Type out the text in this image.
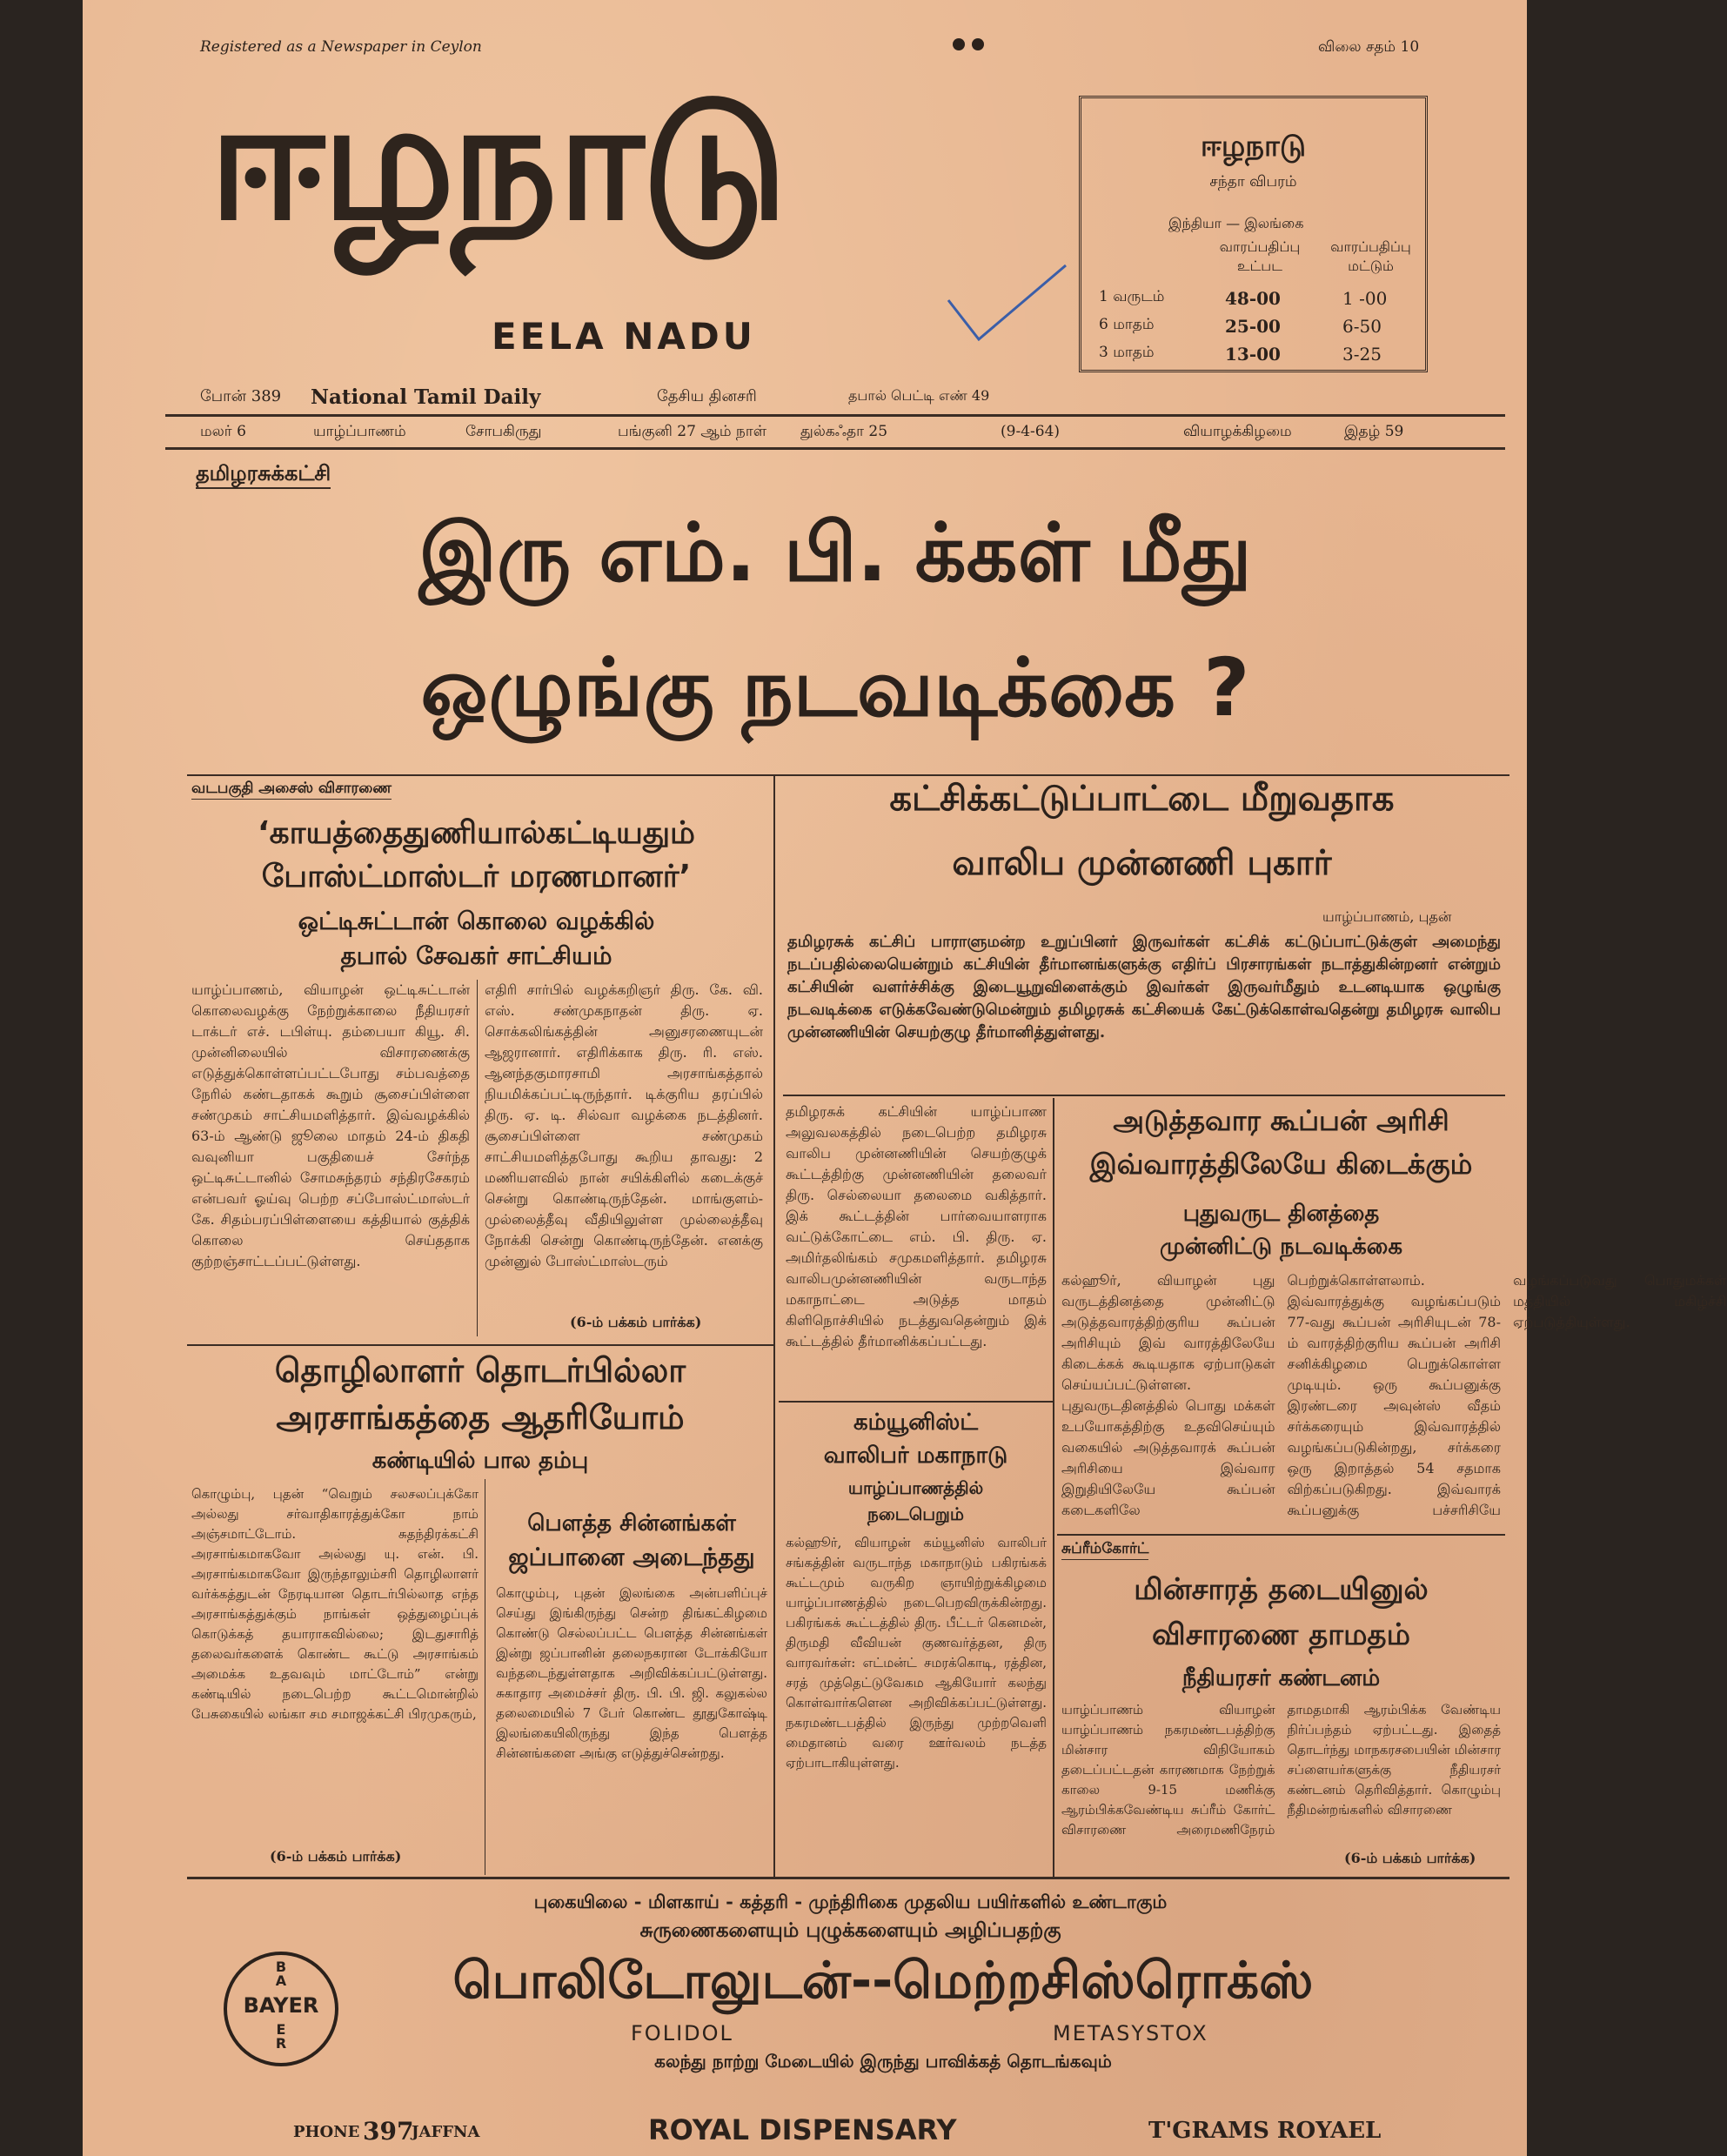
Registered as a Newspaper in Ceylon	விலை சதம் 10
ஈழநாடு
EELA NADU
ஈழநாடு
சந்தா விபரம்
இந்தியா — இலங்கை
வாரப்பதிப்பு உட்பட
வாரப்பதிப்பு மட்டும்
1 வருடம்	48-00	1 -00
6 மாதம்	25-00	6-50
3 மாதம்	13-00	3-25
போன் 389 National Tamil Daily	தேசிய தினசரி	தபால் பெட்டி எண் 49
மலர் 6	யாழ்ப்பாணம்	சோபகிருது	பங்குனி 27 ஆம் நாள் துல்கஃதா 25	(9-4-64)	வியாழக்கிழமை	இதழ் 59
தமிழரசுக்கட்சி
இரு எம். பி. க்கள் மீது
ஒழுங்கு நடவடிக்கை ?
வடபகுதி அசைஸ் விசாரணை
‘காயத்தைதுணியால்கட்டியதும்
போஸ்ட்மாஸ்டர் மரணமானர்’
ஒட்டிசுட்டான் கொலை வழக்கில்
தபால் சேவகர் சாட்சியம்
யாழ்ப்பாணம், வியாழன் ஒட்டிசுட்டான் கொலைவழக்கு நேற்றுக்காலை நீதியரசர் டாக்டர் எச். டபிள்யு. தம்பையா கியூ. சி. முன்னிலையில் விசாரணைக்கு எடுத்துக்கொள்ளப்பட்டபோது சம்பவத்தை நேரில் கண்டதாகக் கூறும் சூசைப்பிள்ளை சண்முகம் சாட்சியமளித்தார். இவ்வழக்கில் 63-ம் ஆண்டு ஜூலை மாதம் 24-ம் திகதி வவுனியா பகுதியைச் சேர்ந்த ஒட்டிசுட்டானில் சோமசுந்தரம் சந்திரசேகரம் என்பவர் ஓய்வு பெற்ற சப்போஸ்ட்மாஸ்டர் கே. சிதம்பரப்பிள்ளையை கத்தியால் குத்திக் கொலை செய்ததாக குற்றஞ்சாட்டப்பட்டுள்ளது.
எதிரி சார்பில் வழக்கறிஞர் திரு. கே. வி. எஸ். சண்முகநாதன் திரு. ஏ. சொக்கலிங்கத்தின் அனுசரணையுடன் ஆஜரானார். எதிரிக்காக திரு. ரி. எஸ். ஆனந்தகுமாரசாமி அரசாங்கத்தால் நியமிக்கப்பட்டிருந்தார். டிக்குரிய தரப்பில் திரு. ஏ. டி. சில்வா வழக்கை நடத்தினர். சூசைப்பிள்ளை சண்முகம் சாட்சியமளித்தபோது கூறிய தாவது: 2 மணியளவில் நான் சயிக்கிளில் கடைக்குச் சென்று கொண்டிருந்தேன். மாங்குளம்-முல்லைத்தீவு வீதியிலுள்ள முல்லைத்தீவு நோக்கி சென்று கொண்டிருந்தேன். எனக்கு முன்னுல் போஸ்ட்மாஸ்டரும்
(6-ம் பக்கம் பார்க்க)
கட்சிக்கட்டுப்பாட்டை மீறுவதாக
வாலிப முன்னணி புகார்
யாழ்ப்பாணம், புதன்
தமிழரசுக் கட்சிப் பாராளுமன்ற உறுப்பினர் இருவர்கள் கட்சிக் கட்டுப்பாட்டுக்குள் அமைந்து நடப்பதில்லையென்றும் கட்சியின் தீர்மானங்களுக்கு எதிர்ப் பிரசாரங்கள் நடாத்துகின்றனர் என்றும் கட்சியின் வளர்ச்சிக்கு இடையூறுவிளைக்கும் இவர்கள் இருவர்மீதும் உடனடியாக ஒழுங்கு நடவடிக்கை எடுக்கவேண்டுமென்றும் தமிழரசுக் கட்சியைக் கேட்டுக்கொள்வதென்று தமிழரசு வாலிப முன்னணியின் செயற்குழு தீர்மானித்துள்ளது.
தமிழரசுக் கட்சியின் யாழ்ப்பாண அலுவலகத்தில் நடைபெற்ற தமிழரசு வாலிப முன்னணியின் செயற்குழுக் கூட்டத்திற்கு முன்னணியின் தலைவர் திரு. செல்லையா தலைமை வகித்தார். இக் கூட்டத்தின் பார்வையாளராக வட்டுக்கோட்டை எம். பி. திரு. ஏ. அமிர்தலிங்கம் சமுகமளித்தார். தமிழரசு வாலிபமுன்னணியின் வருடாந்த மகாநாட்டை அடுத்த மாதம் கிளிநொச்சியில் நடத்துவதென்றும் இக் கூட்டத்தில் தீர்மானிக்கப்பட்டது.
கம்யூனிஸ்ட்
வாலிபர் மகாநாடு
யாழ்ப்பாணத்தில்
நடைபெறும்
கல்ஹூர், வியாழன் கம்யூனிஸ் வாலிபர் சங்கத்தின் வருடாந்த மகாநாடும் பகிரங்கக் கூட்டமும் வருகிற ஞாயிற்றுக்கிழமை யாழ்ப்பாணத்தில் நடைபெறவிருக்கின்றது. பகிரங்கக் கூட்டத்தில் திரு. பீட்டர் கெனமன், திருமதி வீவியன் குணவர்த்தன, திரு வாரவர்கள்: எட்மன்ட் சமரக்கொடி, ரத்தின, சரத் முத்தெட்டுவேகம ஆகியோர் கலந்து கொள்வார்களென அறிவிக்கப்பட்டுள்ளது. நகரமண்டபத்தில் இருந்து முற்றவெளி மைதானம் வரை ஊர்வலம் நடத்த ஏற்பாடாகியுள்ளது.
அடுத்தவார கூப்பன் அரிசி
இவ்வாரத்திலேயே கிடைக்கும்
புதுவருட தினத்தை
முன்னிட்டு நடவடிக்கை
கல்ஹூர், வியாழன் புது வருடத்தினத்தை முன்னிட்டு அடுத்தவாரத்திற்குரிய கூப்பன் அரிசியும் இவ் வாரத்திலேயே கிடைக்கக் கூடியதாக ஏற்பாடுகள் செய்யப்பட்டுள்ளன. புதுவருடதினத்தில் பொது மக்கள் உபயோகத்திற்கு உதவிசெய்யும் வகையில் அடுத்தவாரக் கூப்பன் அரிசியை இவ்வார இறுதியிலேயே கூப்பன் கடைகளிலே பெற்றுக்கொள்ளலாம். இவ்வாரத்துக்கு வழங்கப்படும் 77-வது கூப்பன் அரிசியுடன் 78-ம் வாரத்திற்குரிய கூப்பன் அரிசி சனிக்கிழமை பெறுக்கொள்ள முடியும். ஒரு கூப்பனுக்கு இரண்டரை அவுன்ஸ் வீதம் சர்க்கரையும் இவ்வாரத்தில் வழங்கப்படுகின்றது, சர்க்கரை ஒரு இறாத்தல் 54 சதமாக விற்கப்படுகிறது. இவ்வாரக் கூப்பனுக்கு பச்சரிசியே வழங்கப்படுவது பொதுமக்கள் மத்தியில் மகிழ்ச்சி ஏற்படுத்தியுள்ளது.
சுப்ரீம்கோர்ட்
மின்சாரத் தடையினுல்
விசாரணை தாமதம்
நீதியரசர் கண்டனம்
யாழ்ப்பாணம் வியாழன் யாழ்ப்பாணம் நகரமண்டபத்திற்கு மின்சார விநியோகம் தடைப்பட்டதன் காரணமாக நேற்றுக் காலை 9-15 மணிக்கு ஆரம்பிக்கவேண்டிய சுப்ரீம் கோர்ட் விசாரணை அரைமணிநேரம் தாமதமாகி ஆரம்பிக்க வேண்டிய நிர்ப்பந்தம் ஏற்பட்டது. இதைத் தொடர்ந்து மாநகரசபையின் மின்சார சப்ளையர்களுக்கு நீதியரசர் கண்டனம் தெரிவித்தார். கொழும்பு நீதிமன்றங்களில் விசாரணை
(6-ம் பக்கம் பார்க்க)
தொழிலாளர் தொடர்பில்லா
அரசாங்கத்தை ஆதரியோம்
கண்டியில் பால தம்பு
கொழும்பு, புதன் “வெறும் சலசலப்புக்கோ அல்லது சர்வாதிகாரத்துக்கோ நாம் அஞ்சமாட்டோம். சுதந்திரக்கட்சி அரசாங்கமாகவோ அல்லது யு. என். பி. அரசாங்கமாகவோ இருந்தாலும்சரி தொழிலாளர் வர்க்கத்துடன் நேரடியான தொடர்பில்லாத எந்த அரசாங்கத்துக்கும் நாங்கள் ஒத்துழைப்புக் கொடுக்கத் தயாராகவில்லை; இடதுசாரித் தலைவர்களைக் கொண்ட கூட்டு அரசாங்கம் அமைக்க உதவவும் மாட்டோம்” என்று கண்டியில் நடைபெற்ற கூட்டமொன்றில் பேசுகையில் லங்கா சம சமாஜக்கட்சி பிரமுகரும்,
(6-ம் பக்கம் பார்க்க)
பௌத்த சின்னங்கள்
ஜப்பானை அடைந்தது
கொழும்பு, புதன் இலங்கை அன்பளிப்புச் செய்து இங்கிருந்து சென்ற திங்கட்கிழமை கொண்டு செல்லப்பட்ட பௌத்த சின்னங்கள் இன்று ஜப்பானின் தலைநகரான டோக்கியோ வந்தடைந்துள்ளதாக அறிவிக்கப்பட்டுள்ளது. சுகாதார அமைச்சர் திரு. பி. பி. ஜி. கலுகல்ல தலைமையில் 7 பேர் கொண்ட தூதுகோஷ்டி இலங்கையிலிருந்து இந்த பௌத்த சின்னங்களை அங்கு எடுத்துச்சென்றது.
புகையிலை - மிளகாய் - கத்தரி - முந்திரிகை முதலிய பயிர்களில் உண்டாகும்
சுருணைகளையும் புழுக்களையும் அழிப்பதற்கு
பொலிடோலுடன்--மெற்றசிஸ்ரொக்ஸ்
FOLIDOL	METASYSTOX
கலந்து நாற்று மேடையில் இருந்து பாவிக்கத் தொடங்கவும்
BAYER
B
A
E
R
PHONE 397
JAFFNA	ROYAL DISPENSARY	T'GRAMS ROYAEL
